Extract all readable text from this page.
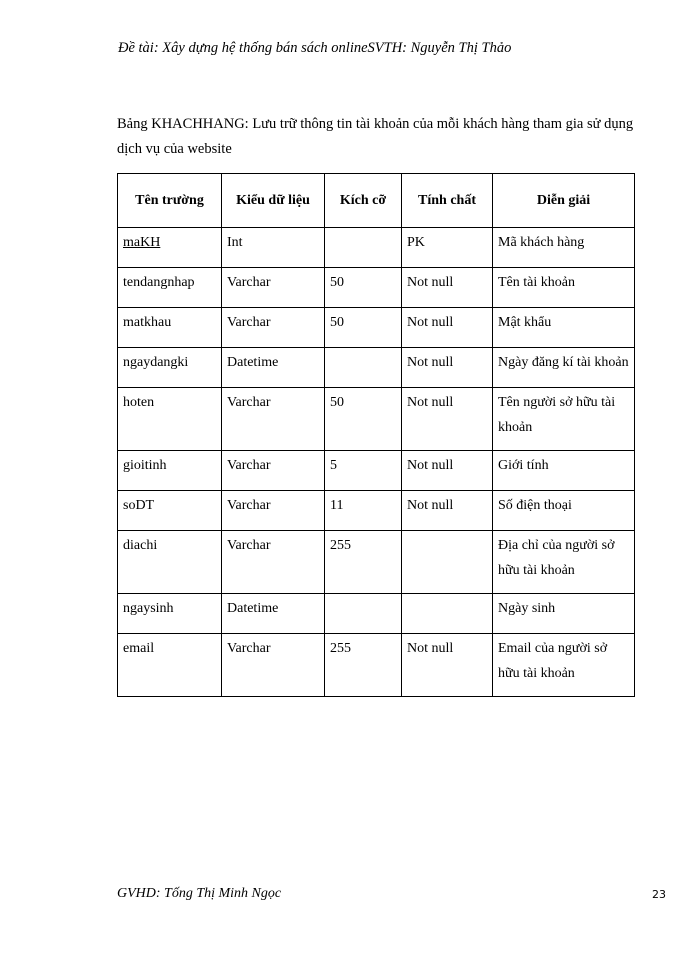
Đề tài: Xây dựng hệ thống bán sách onlineSVTH: Nguyễn Thị Thảo
Bảng KHACHHANG: Lưu trữ thông tin tài khoản của mỗi khách hàng tham gia sử dụng dịch vụ của website
Tên trường	Kiểu dữ liệu	Kích cỡ	Tính chất	Diễn giải
maKH	Int		PK	Mã khách hàng
tendangnhap	Varchar	50	Not null	Tên tài khoản
matkhau	Varchar	50	Not null	Mật khẩu
ngaydangki	Datetime		Not null	Ngày đăng kí tài khoản
hoten	Varchar	50	Not null	Tên người sở hữu tài khoản
gioitinh	Varchar	5	Not null	Giới tính
soDT	Varchar	11	Not null	Số điện thoại
diachi	Varchar	255		Địa chỉ của người sở hữu tài khoản
ngaysinh	Datetime			Ngày sinh
email	Varchar	255	Not null	Email của người sở hữu tài khoản
GVHD: Tống Thị Minh Ngọc	23
